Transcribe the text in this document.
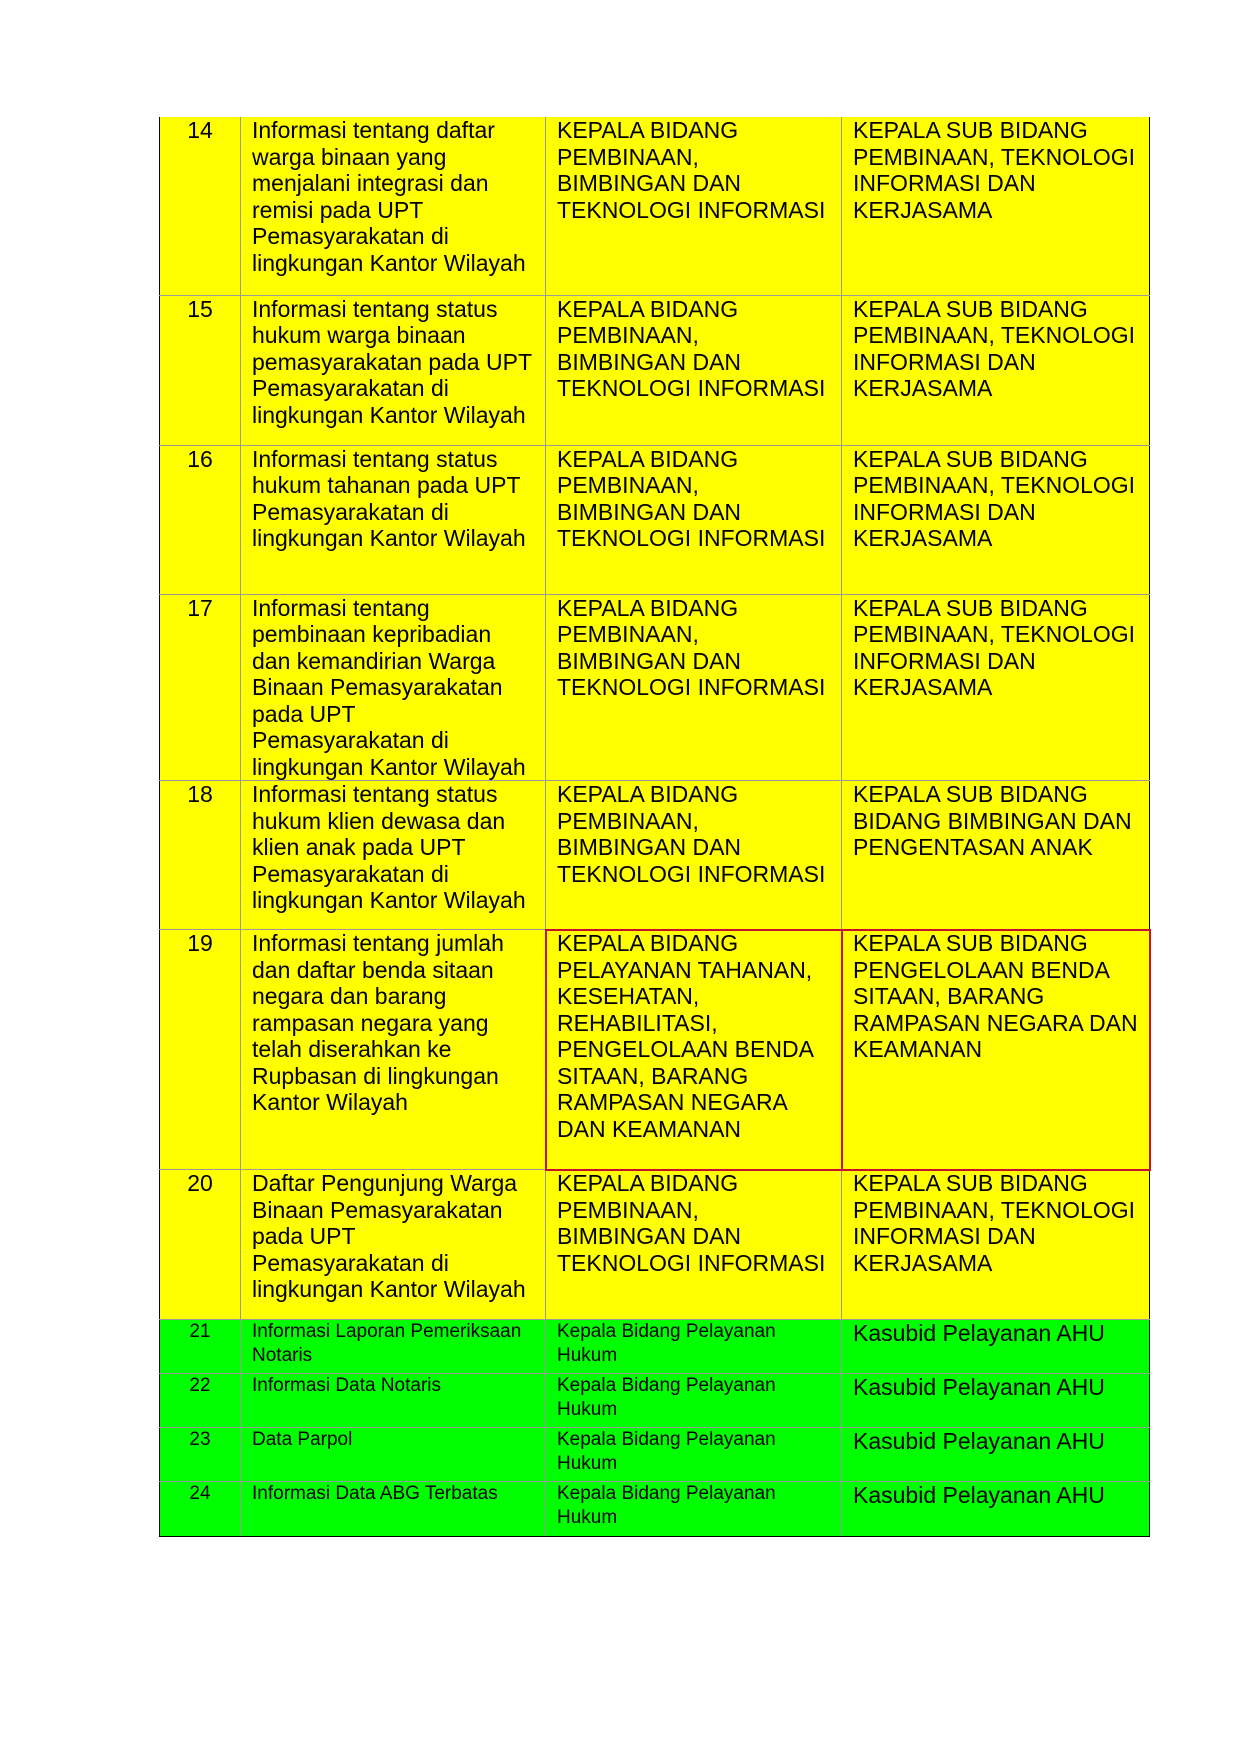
14	Informasi tentang daftar warga binaan yang menjalani integrasi dan remisi pada UPT Pemasyarakatan di lingkungan Kantor Wilayah	KEPALA BIDANG PEMBINAAN, BIMBINGAN DAN TEKNOLOGI INFORMASI	KEPALA SUB BIDANG PEMBINAAN, TEKNOLOGI INFORMASI DAN KERJASAMA
15	Informasi tentang status hukum warga binaan pemasyarakatan pada UPT Pemasyarakatan di lingkungan Kantor Wilayah	KEPALA BIDANG PEMBINAAN, BIMBINGAN DAN TEKNOLOGI INFORMASI	KEPALA SUB BIDANG PEMBINAAN, TEKNOLOGI INFORMASI DAN KERJASAMA
16	Informasi tentang status hukum tahanan pada UPT Pemasyarakatan di lingkungan Kantor Wilayah	KEPALA BIDANG PEMBINAAN, BIMBINGAN DAN TEKNOLOGI INFORMASI	KEPALA SUB BIDANG PEMBINAAN, TEKNOLOGI INFORMASI DAN KERJASAMA
17	Informasi tentang pembinaan kepribadian dan kemandirian Warga Binaan Pemasyarakatan pada UPT Pemasyarakatan di lingkungan Kantor Wilayah	KEPALA BIDANG PEMBINAAN, BIMBINGAN DAN TEKNOLOGI INFORMASI	KEPALA SUB BIDANG PEMBINAAN, TEKNOLOGI INFORMASI DAN KERJASAMA
18	Informasi tentang status hukum klien dewasa dan klien anak pada UPT Pemasyarakatan di lingkungan Kantor Wilayah	KEPALA BIDANG PEMBINAAN, BIMBINGAN DAN TEKNOLOGI INFORMASI	KEPALA SUB BIDANG BIDANG BIMBINGAN DAN PENGENTASAN ANAK
19	Informasi tentang jumlah dan daftar benda sitaan negara dan barang rampasan negara yang telah diserahkan ke Rupbasan di lingkungan Kantor Wilayah	KEPALA BIDANG PELAYANAN TAHANAN, KESEHATAN, REHABILITASI, PENGELOLAAN BENDA SITAAN, BARANG RAMPASAN NEGARA DAN KEAMANAN	KEPALA SUB BIDANG PENGELOLAAN BENDA SITAAN, BARANG RAMPASAN NEGARA DAN KEAMANAN
20	Daftar Pengunjung Warga Binaan Pemasyarakatan pada UPT Pemasyarakatan di lingkungan Kantor Wilayah	KEPALA BIDANG PEMBINAAN, BIMBINGAN DAN TEKNOLOGI INFORMASI	KEPALA SUB BIDANG PEMBINAAN, TEKNOLOGI INFORMASI DAN KERJASAMA
21	Informasi Laporan Pemeriksaan Notaris	Kepala Bidang Pelayanan Hukum	Kasubid Pelayanan AHU
22	Informasi Data Notaris	Kepala Bidang Pelayanan Hukum	Kasubid Pelayanan AHU
23	Data Parpol	Kepala Bidang Pelayanan Hukum	Kasubid Pelayanan AHU
24	Informasi Data ABG Terbatas	Kepala Bidang Pelayanan Hukum	Kasubid Pelayanan AHU
